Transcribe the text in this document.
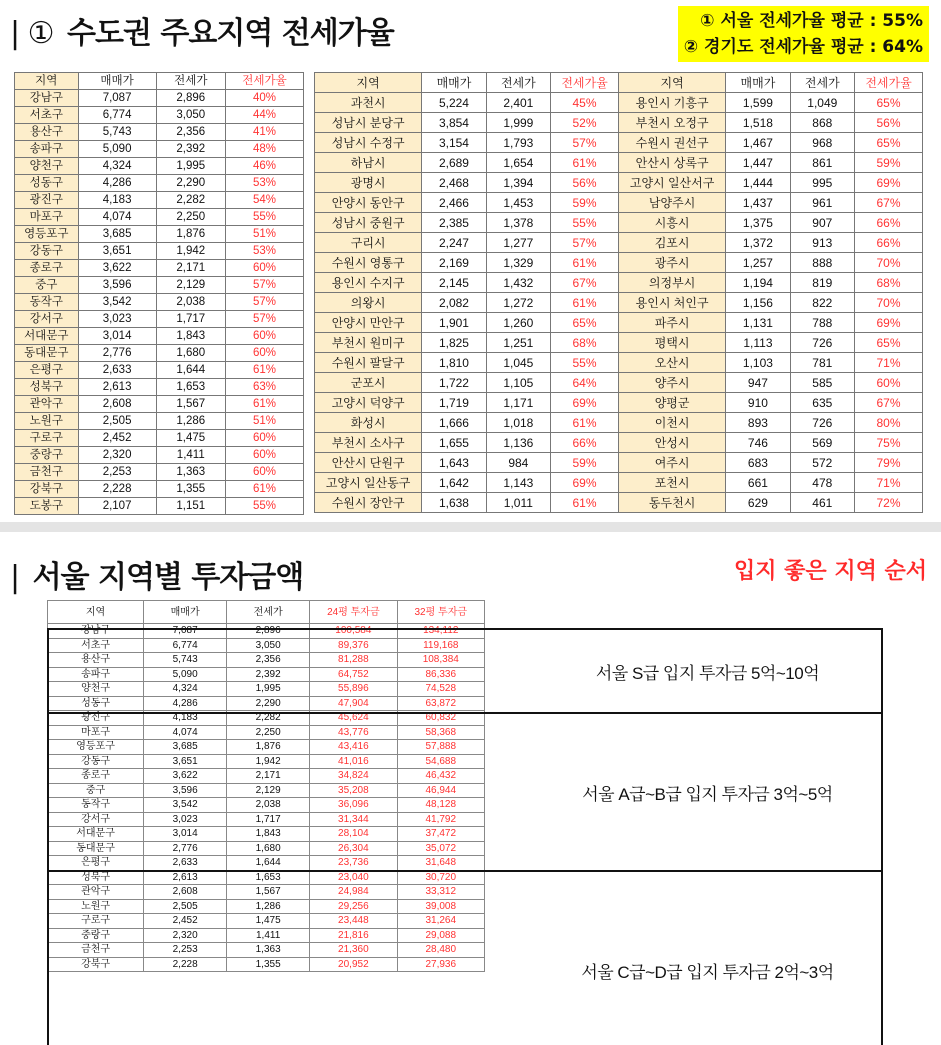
| ① 수도권 주요지역 전세가율	① 서울 전세가율 평균 : 55%
② 경기도 전세가율 평균 : 64%
지역	매매가	전세가	전세가율
강남구	7,087	2,896	40%
서초구	6,774	3,050	44%
용산구	5,743	2,356	41%
송파구	5,090	2,392	48%
양천구	4,324	1,995	46%
성동구	4,286	2,290	53%
광진구	4,183	2,282	54%
마포구	4,074	2,250	55%
영등포구	3,685	1,876	51%
강동구	3,651	1,942	53%
종로구	3,622	2,171	60%
중구	3,596	2,129	57%
동작구	3,542	2,038	57%
강서구	3,023	1,717	57%
서대문구	3,014	1,843	60%
동대문구	2,776	1,680	60%
은평구	2,633	1,644	61%
성북구	2,613	1,653	63%
관악구	2,608	1,567	61%
노원구	2,505	1,286	51%
구로구	2,452	1,475	60%
중랑구	2,320	1,411	60%
금천구	2,253	1,363	60%
강북구	2,228	1,355	61%
도봉구	2,107	1,151	55%
지역	매매가	전세가	전세가율	지역	매매가	전세가	전세가율
과천시	5,224	2,401	45%	용인시 기흥구	1,599	1,049	65%
성남시 분당구	3,854	1,999	52%	부천시 오정구	1,518	868	56%
성남시 수정구	3,154	1,793	57%	수원시 권선구	1,467	968	65%
하남시	2,689	1,654	61%	안산시 상록구	1,447	861	59%
광명시	2,468	1,394	56%	고양시 일산서구	1,444	995	69%
안양시 동안구	2,466	1,453	59%	남양주시	1,437	961	67%
성남시 중원구	2,385	1,378	55%	시흥시	1,375	907	66%
구리시	2,247	1,277	57%	김포시	1,372	913	66%
수원시 영통구	2,169	1,329	61%	광주시	1,257	888	70%
용인시 수지구	2,145	1,432	67%	의정부시	1,194	819	68%
의왕시	2,082	1,272	61%	용인시 처인구	1,156	822	70%
안양시 만안구	1,901	1,260	65%	파주시	1,131	788	69%
부천시 원미구	1,825	1,251	68%	평택시	1,113	726	65%
수원시 팔달구	1,810	1,045	55%	오산시	1,103	781	71%
군포시	1,722	1,105	64%	양주시	947	585	60%
고양시 덕양구	1,719	1,171	69%	양평군	910	635	67%
화성시	1,666	1,018	61%	이천시	893	726	80%
부천시 소사구	1,655	1,136	66%	안성시	746	569	75%
안산시 단원구	1,643	984	59%	여주시	683	572	79%
고양시 일산동구	1,642	1,143	69%	포천시	661	478	71%
수원시 장안구	1,638	1,011	61%	동두천시	629	461	72%
| 서울 지역별 투자금액	입지 좋은 지역 순서
지역	매매가	전세가	24평 투자금	32평 투자금
강남구	7,087	2,896	100,584	134,112
서초구	6,774	3,050	89,376	119,168
용산구	5,743	2,356	81,288	108,384
송파구	5,090	2,392	64,752	86,336
양천구	4,324	1,995	55,896	74,528
성동구	4,286	2,290	47,904	63,872
광진구	4,183	2,282	45,624	60,832
마포구	4,074	2,250	43,776	58,368
영등포구	3,685	1,876	43,416	57,888
강동구	3,651	1,942	41,016	54,688
종로구	3,622	2,171	34,824	46,432
중구	3,596	2,129	35,208	46,944
동작구	3,542	2,038	36,096	48,128
강서구	3,023	1,717	31,344	41,792
서대문구	3,014	1,843	28,104	37,472
동대문구	2,776	1,680	26,304	35,072
은평구	2,633	1,644	23,736	31,648
성북구	2,613	1,653	23,040	30,720
관악구	2,608	1,567	24,984	33,312
노원구	2,505	1,286	29,256	39,008
구로구	2,452	1,475	23,448	31,264
중랑구	2,320	1,411	21,816	29,088
금천구	2,253	1,363	21,360	28,480
강북구	2,228	1,355	20,952	27,936
서울 S급 입지 투자금 5억~10억
서울 A급~B급 입지 투자금 3억~5억
서울 C급~D급 입지 투자금 2억~3억
